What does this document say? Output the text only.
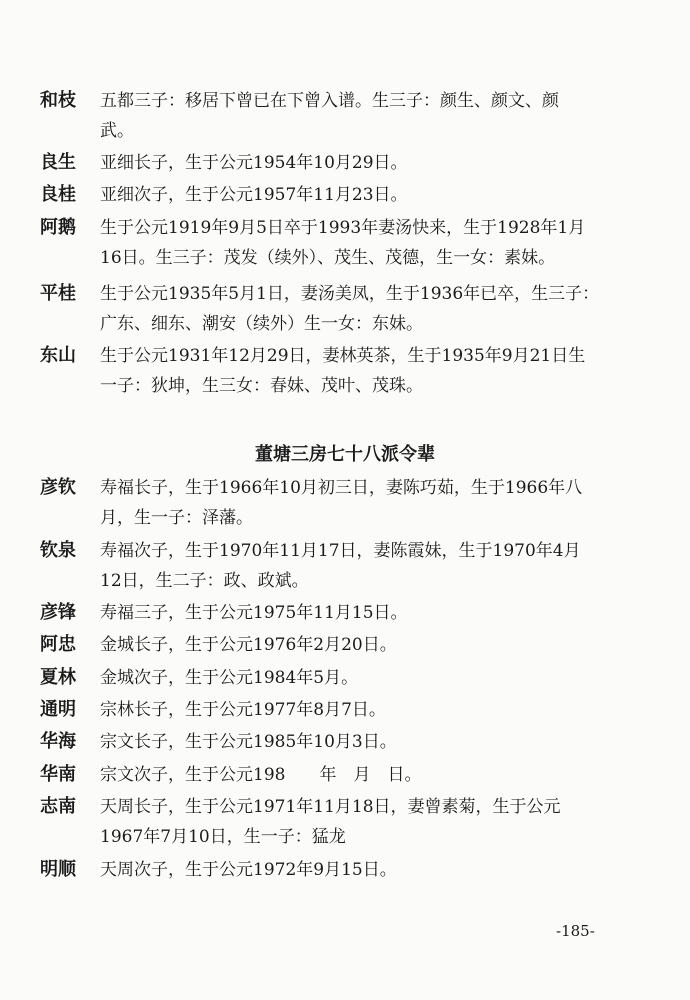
和枝 五都三子：移居下曾已在下曾入谱。生三子：颜生、颜文、颜
武。
良生 亚细长子，生于公元1954年10月29日。
良桂 亚细次子，生于公元1957年11月23日。
阿鹅 生于公元1919年9月5日卒于1993年妻汤快来，生于1928年1月
16日。生三子：茂发（续外）、茂生、茂德，生一女：素妹。
平桂 生于公元1935年5月1日，妻汤美凤，生于1936年已卒，生三子：
广东、细东、潮安（续外）生一女：东妹。
东山 生于公元1931年12月29日，妻林英茶，生于1935年9月21日生
一子：狄坤，生三女：春妹、茂叶、茂珠。
董塘三房七十八派令辈
彦钦 寿福长子，生于1966年10月初三日，妻陈巧茹，生于1966年八
月，生一子：泽藩。
钦泉 寿福次子，生于1970年11月17日，妻陈霞妹，生于1970年4月
12日，生二子：政、政斌。
彦锋 寿福三子，生于公元1975年11月15日。
阿忠 金城长子，生于公元1976年2月20日。
夏林 金城次子，生于公元1984年5月。
通明 宗林长子，生于公元1977年8月7日。
华海 宗文长子，生于公元1985年10月3日。
华南 宗文次子，生于公元198　　年　月　日。
志南 天周长子，生于公元1971年11月18日，妻曾素菊，生于公元
1967年7月10日，生一子：猛龙
明顺 天周次子，生于公元1972年9月15日。
-185-
